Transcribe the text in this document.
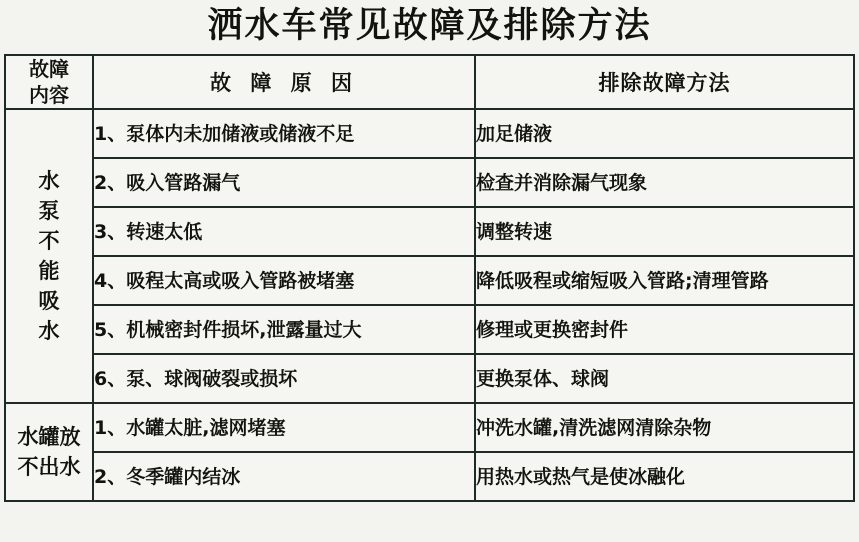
洒水车常见故障及排除方法
故障
内容	故 障 原 因	排除故障方法
水
泵
不
能
吸
水	1、泵体内未加储液或储液不足	加足储液
	2、吸入管路漏气	检查并消除漏气现象
	3、转速太低	调整转速
	4、吸程太高或吸入管路被堵塞	降低吸程或缩短吸入管路;清理管路
	5、机械密封件损坏,泄露量过大	修理或更换密封件
	6、泵、球阀破裂或损坏	更换泵体、球阀
水罐放
不出水	1、水罐太脏,滤网堵塞	冲洗水罐,清洗滤网清除杂物
	2、冬季罐内结冰	用热水或热气是使冰融化
